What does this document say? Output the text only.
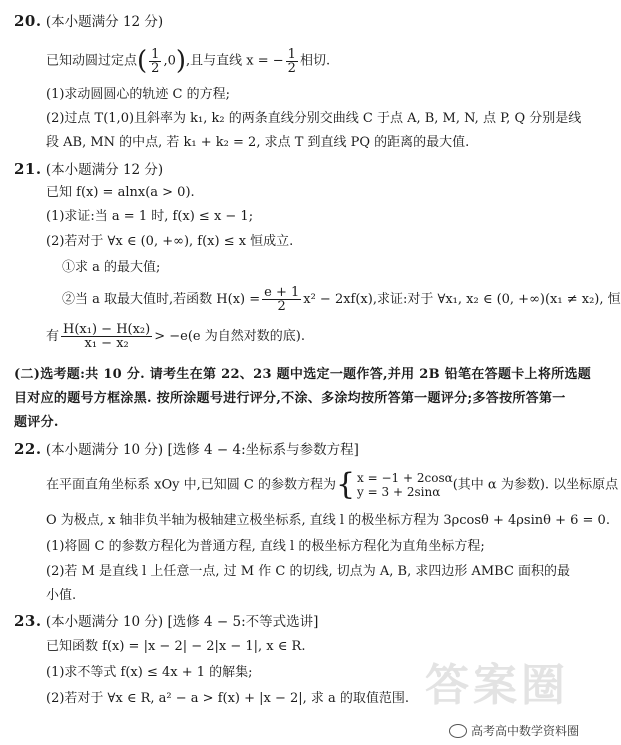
20. (本小题满分 12 分)
已知动圆过定点( $\frac{1}{2} ,0$),且与直线 x = − $\frac{1}{2}$ 相切.
(1)求动圆圆心的轨迹 C 的方程;
(2)过点 T(1,0)且斜率为 k₁, k₂ 的两条直线分别交曲线 C 于点 A, B, M, N, 点 P, Q 分别是线
段 AB, MN 的中点, 若 k₁ + k₂ = 2, 求点 T 到直线 PQ 的距离的最大值.
21. (本小题满分 12 分)
已知 f(x) = alnx(a > 0).
(1)求证:当 a = 1 时, f(x) ≤ x − 1;
(2)若对于 ∀x ∈ (0, +∞), f(x) ≤ x 恒成立.
①求 a 的最大值;
②当 a 取最大值时,若函数 $H(x) = \frac{e + 1}{2} x^2 - 2xf(x)$,求证:对于 ∀x₁, x₂ ∈ (0, +∞)(x₁ ≠ x₂), 恒
有 $\frac{\text{H(x₁) − H(x₂)}}{\text{x₁ − x₂}} > -e(e$ 为自然对数的底).
(二)选考题:共 10 分. 请考生在第 22、23 题中选定一题作答,并用 2B 铅笔在答题卡上将所选题
目对应的题号方框涂黑. 按所涂题号进行评分,不涂、多涂均按所答第一题评分;多答按所答第一
题评分.
22. (本小题满分 10 分) [选修 4 − 4:坐标系与参数方程]
在平面直角坐标系 xOy 中,已知圆 C 的参数方程为{ x = −1 + 2cosα
y = 3 + 2sinα (其中 α 为参数). 以坐标原点
O 为极点, x 轴非负半轴为极轴建立极坐标系, 直线 l 的极坐标方程为 3ρcosθ + 4ρsinθ + 6 = 0.
(1)将圆 C 的参数方程化为普通方程, 直线 l 的极坐标方程化为直角坐标方程;
(2)若 M 是直线 l 上任意一点, 过 M 作 C 的切线, 切点为 A, B, 求四边形 AMBC 面积的最
小值.
23. (本小题满分 10 分) [选修 4 − 5:不等式选讲]
已知函数 f(x) = |x − 2| − 2|x − 1|, x ∈ R.
(1)求不等式 f(x) ≤ 4x + 1 的解集;
(2)若对于 ∀x ∈ R, a² − a > f(x) + |x − 2|, 求 a 的取值范围. 答案圈
高考高中数学资料圈
